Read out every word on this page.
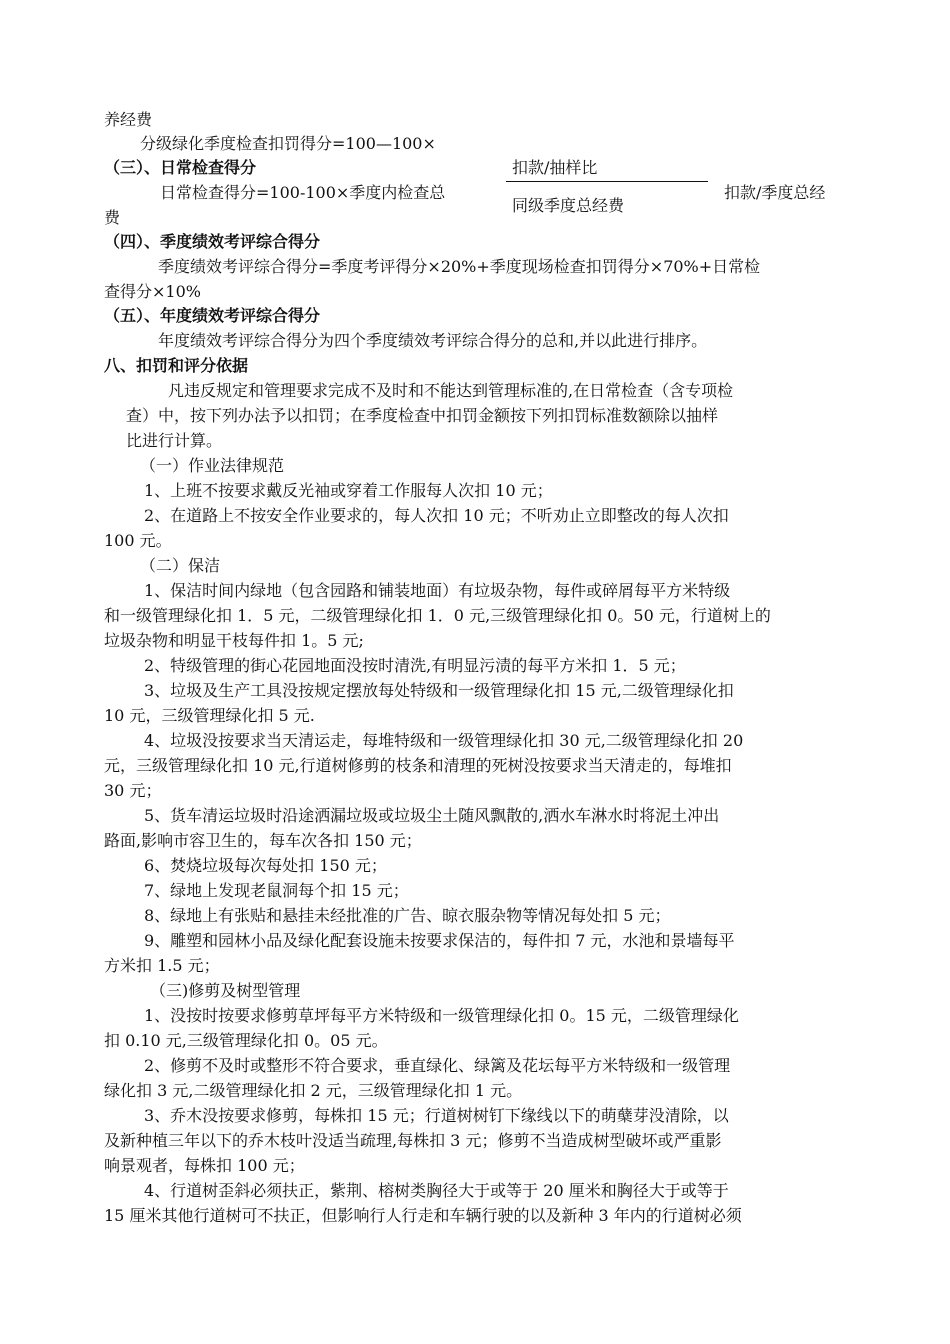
养经费
分级绿化季度检查扣罚得分=100—100×
（三）、日常检查得分	扣款/抽样比
日常检查得分=100-100×季度内检查总	扣款/季度总经
同级季度总经费
费
（四）、季度绩效考评综合得分
季度绩效考评综合得分=季度考评得分×20%+季度现场检查扣罚得分×70%+日常检
查得分×10%
（五）、年度绩效考评综合得分
年度绩效考评综合得分为四个季度绩效考评综合得分的总和,并以此进行排序。
八、扣罚和评分依据
凡违反规定和管理要求完成不及时和不能达到管理标准的,在日常检查（含专项检
查）中，按下列办法予以扣罚；在季度检查中扣罚金额按下列扣罚标准数额除以抽样
比进行计算。
（一）作业法律规范
1、上班不按要求戴反光袖或穿着工作服每人次扣 10 元；
2、在道路上不按安全作业要求的，每人次扣 10 元；不听劝止立即整改的每人次扣
100 元。
（二）保洁
1、保洁时间内绿地（包含园路和铺装地面）有垃圾杂物，每件或碎屑每平方米特级
和一级管理绿化扣 1．5 元，二级管理绿化扣 1．0 元,三级管理绿化扣 0。50 元，行道树上的
垃圾杂物和明显干枝每件扣 1。5 元;
2、特级管理的街心花园地面没按时清洗,有明显污渍的每平方米扣 1．5 元；
3、垃圾及生产工具没按规定摆放每处特级和一级管理绿化扣 15 元,二级管理绿化扣
10 元，三级管理绿化扣 5 元.
4、垃圾没按要求当天清运走，每堆特级和一级管理绿化扣 30 元,二级管理绿化扣 20
元，三级管理绿化扣 10 元,行道树修剪的枝条和清理的死树没按要求当天清走的，每堆扣
30 元；
5、货车清运垃圾时沿途洒漏垃圾或垃圾尘土随风飘散的,洒水车淋水时将泥土冲出
路面,影响市容卫生的，每车次各扣 150 元；
6、焚烧垃圾每次每处扣 150 元；
7、绿地上发现老鼠洞每个扣 15 元；
8、绿地上有张贴和悬挂未经批准的广告、晾衣服杂物等情况每处扣 5 元；
9、雕塑和园林小品及绿化配套设施未按要求保洁的，每件扣 7 元，水池和景墙每平
方米扣 1.5 元；
（三)修剪及树型管理
1、没按时按要求修剪草坪每平方米特级和一级管理绿化扣 0。15 元，二级管理绿化
扣 0.10 元,三级管理绿化扣 0。05 元。
2、修剪不及时或整形不符合要求，垂直绿化、绿篱及花坛每平方米特级和一级管理
绿化扣 3 元,二级管理绿化扣 2 元，三级管理绿化扣 1 元。
3、乔木没按要求修剪，每株扣 15 元；行道树树钉下缘线以下的萌蘖芽没清除，以
及新种植三年以下的乔木枝叶没适当疏理,每株扣 3 元；修剪不当造成树型破坏或严重影
响景观者，每株扣 100 元；
4、行道树歪斜必须扶正，紫荆、榕树类胸径大于或等于 20 厘米和胸径大于或等于
15 厘米其他行道树可不扶正，但影响行人行走和车辆行驶的以及新种 3 年内的行道树必须
